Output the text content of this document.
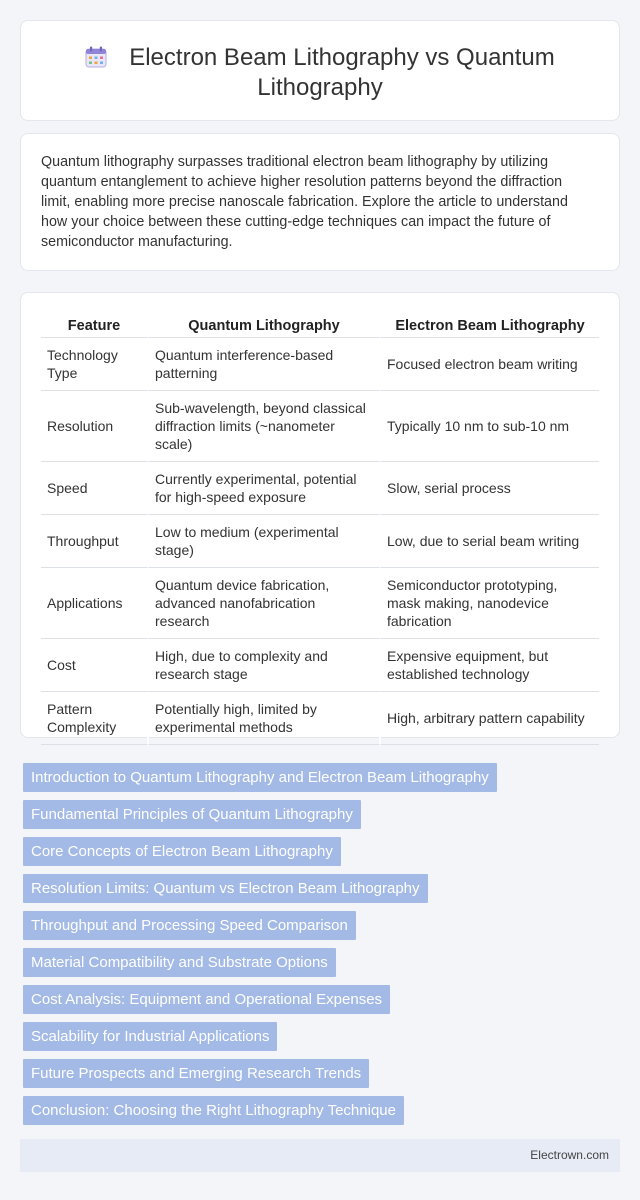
Electron Beam Lithography vs Quantum
Lithography

Quantum lithography surpasses traditional electron beam lithography by utilizing quantum entanglement to achieve higher resolution patterns beyond the diffraction limit, enabling more precise nanoscale fabrication. Explore the article to understand how your choice between these cutting-edge techniques can impact the future of semiconductor manufacturing.

Feature	Quantum Lithography	Electron Beam Lithography
Technology Type	Quantum interference-based patterning	Focused electron beam writing
Resolution	Sub-wavelength, beyond classical diffraction limits (~nanometer scale)	Typically 10 nm to sub-10 nm
Speed	Currently experimental, potential for high-speed exposure	Slow, serial process
Throughput	Low to medium (experimental stage)	Low, due to serial beam writing
Applications	Quantum device fabrication, advanced nanofabrication research	Semiconductor prototyping, mask making, nanodevice fabrication
Cost	High, due to complexity and research stage	Expensive equipment, but established technology
Pattern Complexity	Potentially high, limited by experimental methods	High, arbitrary pattern capability
Introduction to Quantum Lithography and Electron Beam Lithography
Fundamental Principles of Quantum Lithography
Core Concepts of Electron Beam Lithography
Resolution Limits: Quantum vs Electron Beam Lithography
Throughput and Processing Speed Comparison
Material Compatibility and Substrate Options
Cost Analysis: Equipment and Operational Expenses
Scalability for Industrial Applications
Future Prospects and Emerging Research Trends
Conclusion: Choosing the Right Lithography Technique
Electrown.com
